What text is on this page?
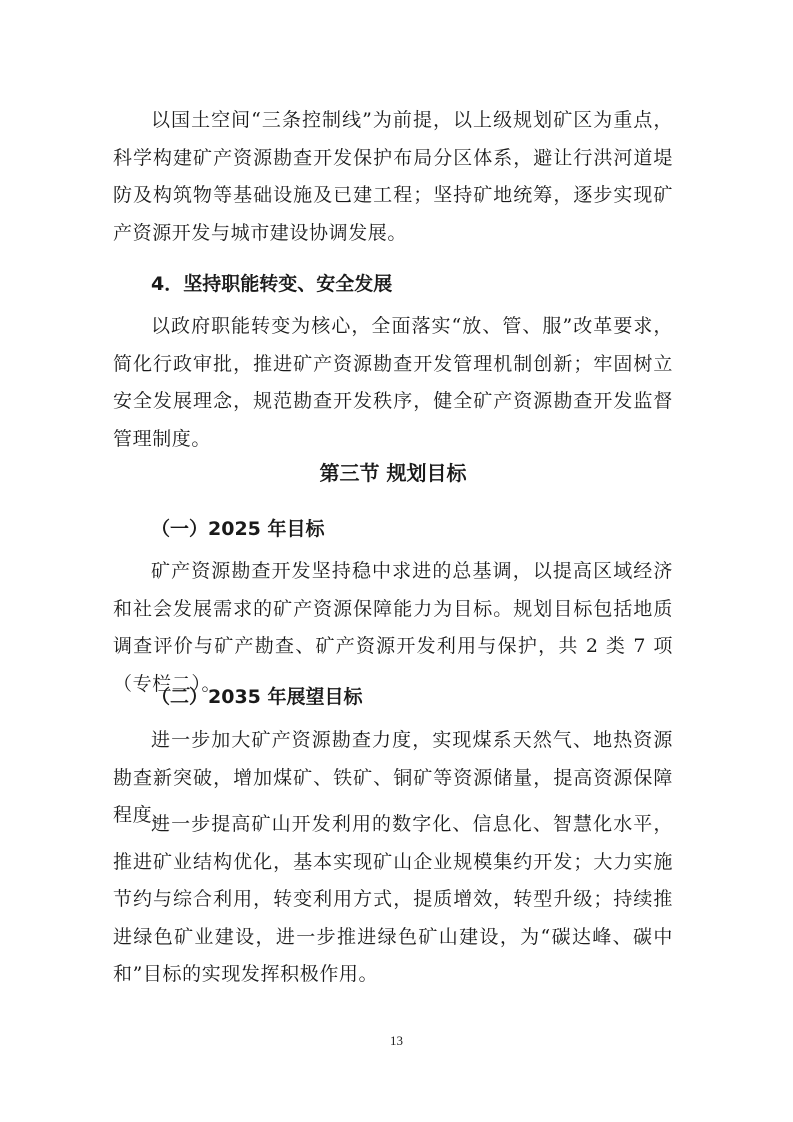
以国土空间“三条控制线”为前提，以上级规划矿区为重点，科学构建矿产资源勘查开发保护布局分区体系，避让行洪河道堤防及构筑物等基础设施及已建工程；坚持矿地统筹，逐步实现矿产资源开发与城市建设协调发展。

4．坚持职能转变、安全发展

以政府职能转变为核心，全面落实“放、管、服”改革要求，简化行政审批，推进矿产资源勘查开发管理机制创新；牢固树立安全发展理念，规范勘查开发秩序，健全矿产资源勘查开发监督管理制度。

第三节 规划目标

（一）2025 年目标

矿产资源勘查开发坚持稳中求进的总基调，以提高区域经济和社会发展需求的矿产资源保障能力为目标。规划目标包括地质调查评价与矿产勘查、矿产资源开发利用与保护，共 2 类 7 项（专栏二）。

（二）2035 年展望目标

进一步加大矿产资源勘查力度，实现煤系天然气、地热资源勘查新突破，增加煤矿、铁矿、铜矿等资源储量，提高资源保障程度。

进一步提高矿山开发利用的数字化、信息化、智慧化水平，推进矿业结构优化，基本实现矿山企业规模集约开发；大力实施节约与综合利用，转变利用方式，提质增效，转型升级；持续推进绿色矿业建设，进一步推进绿色矿山建设，为“碳达峰、碳中和”目标的实现发挥积极作用。

13
